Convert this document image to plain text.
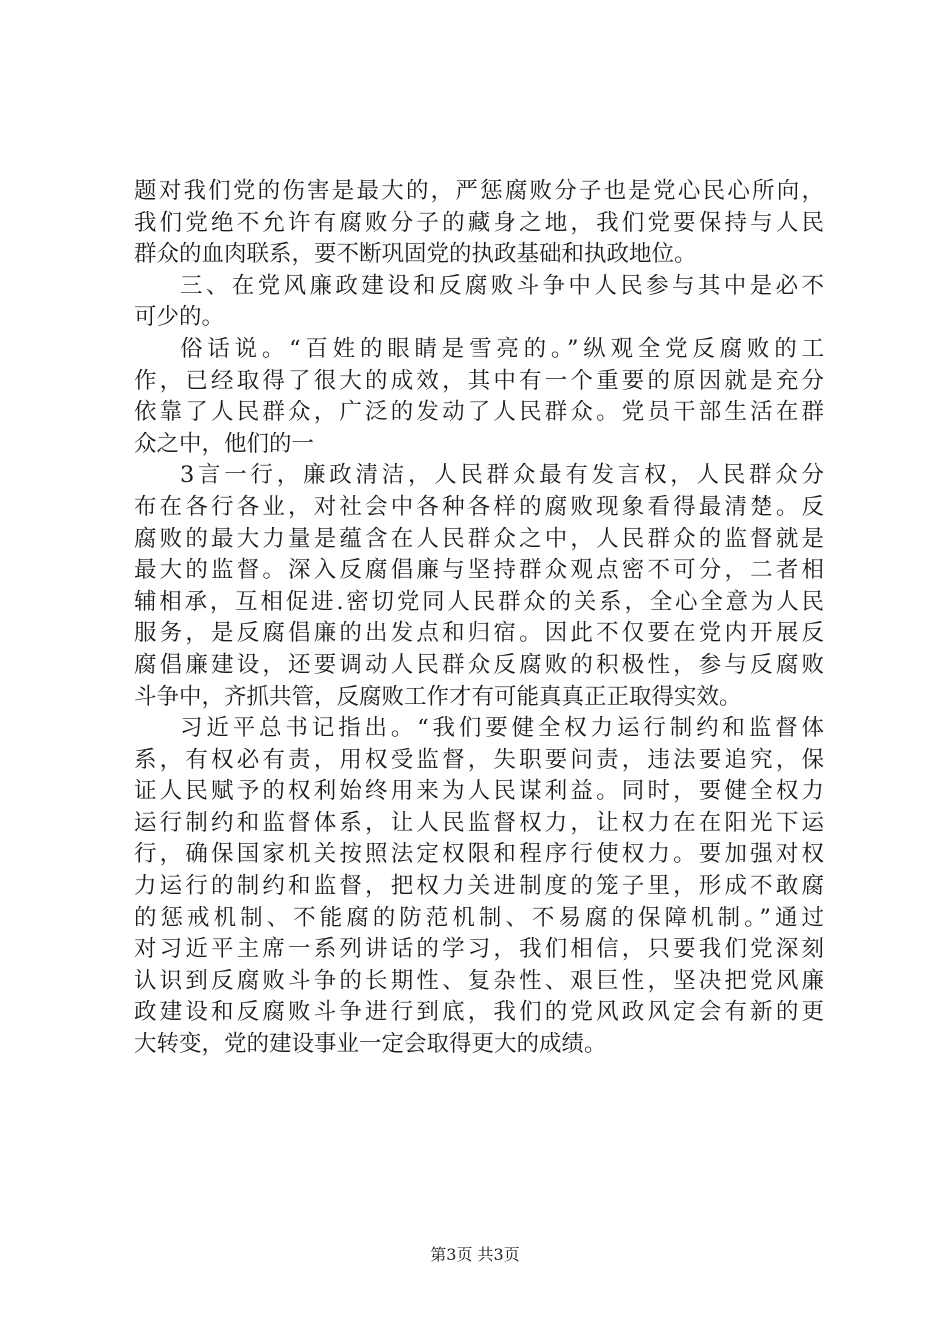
题对我们党的伤害是最大的，严惩腐败分子也是党心民心所向，
我们党绝不允许有腐败分子的藏身之地，我们党要保持与人民
群众的血肉联系，要不断巩固党的执政基础和执政地位。
三、在党风廉政建设和反腐败斗争中人民参与其中是必不
可少的。
俗话说。“百姓的眼睛是雪亮的。”纵观全党反腐败的工
作，已经取得了很大的成效，其中有一个重要的原因就是充分
依靠了人民群众，广泛的发动了人民群众。党员干部生活在群
众之中，他们的一
3言一行，廉政清洁，人民群众最有发言权，人民群众分
布在各行各业，对社会中各种各样的腐败现象看得最清楚。反
腐败的最大力量是蕴含在人民群众之中，人民群众的监督就是
最大的监督。深入反腐倡廉与坚持群众观点密不可分，二者相
辅相承，互相促进.密切党同人民群众的关系，全心全意为人民
服务，是反腐倡廉的出发点和归宿。因此不仅要在党内开展反
腐倡廉建设，还要调动人民群众反腐败的积极性，参与反腐败
斗争中，齐抓共管，反腐败工作才有可能真真正正取得实效。
习近平总书记指出。“我们要健全权力运行制约和监督体
系，有权必有责，用权受监督，失职要问责，违法要追究，保
证人民赋予的权利始终用来为人民谋利益。同时，要健全权力
运行制约和监督体系，让人民监督权力，让权力在在阳光下运
行，确保国家机关按照法定权限和程序行使权力。要加强对权
力运行的制约和监督，把权力关进制度的笼子里，形成不敢腐
的惩戒机制、不能腐的防范机制、不易腐的保障机制。”通过
对习近平主席一系列讲话的学习，我们相信，只要我们党深刻
认识到反腐败斗争的长期性、复杂性、艰巨性，坚决把党风廉
政建设和反腐败斗争进行到底，我们的党风政风定会有新的更
大转变，党的建设事业一定会取得更大的成绩。
第3页 共3页
